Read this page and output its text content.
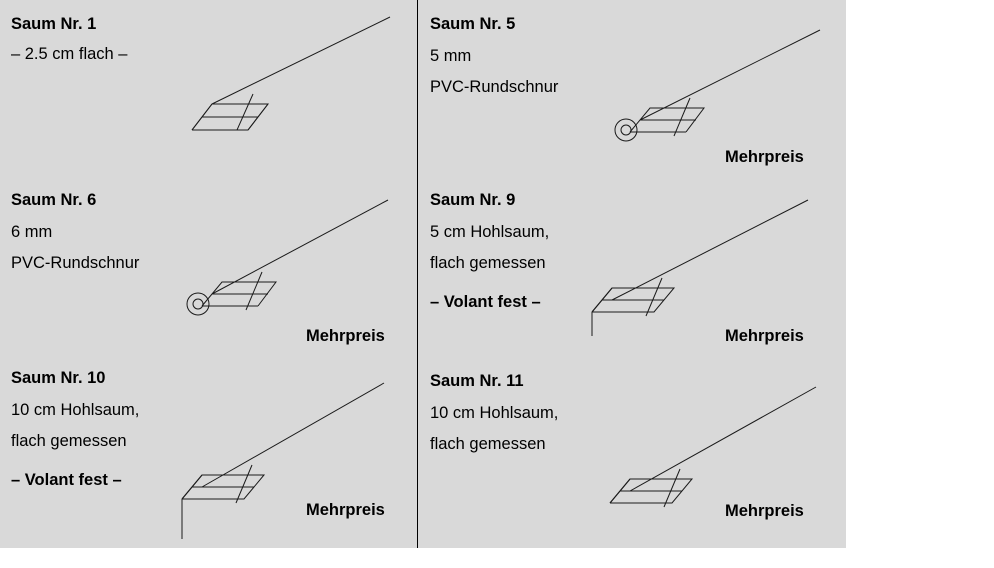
Saum Nr. 1
– 2.5 cm flach –
Saum Nr. 5
5 mm
PVC-Rundschnur
Mehrpreis
Saum Nr. 6
6 mm
PVC-Rundschnur
Mehrpreis
Saum Nr. 9
5 cm Hohlsaum,
flach gemessen
– Volant fest –
Mehrpreis
Saum Nr. 10
10 cm Hohlsaum,
flach gemessen
– Volant fest –
Mehrpreis
Saum Nr. 11
10 cm Hohlsaum,
flach gemessen
Mehrpreis
